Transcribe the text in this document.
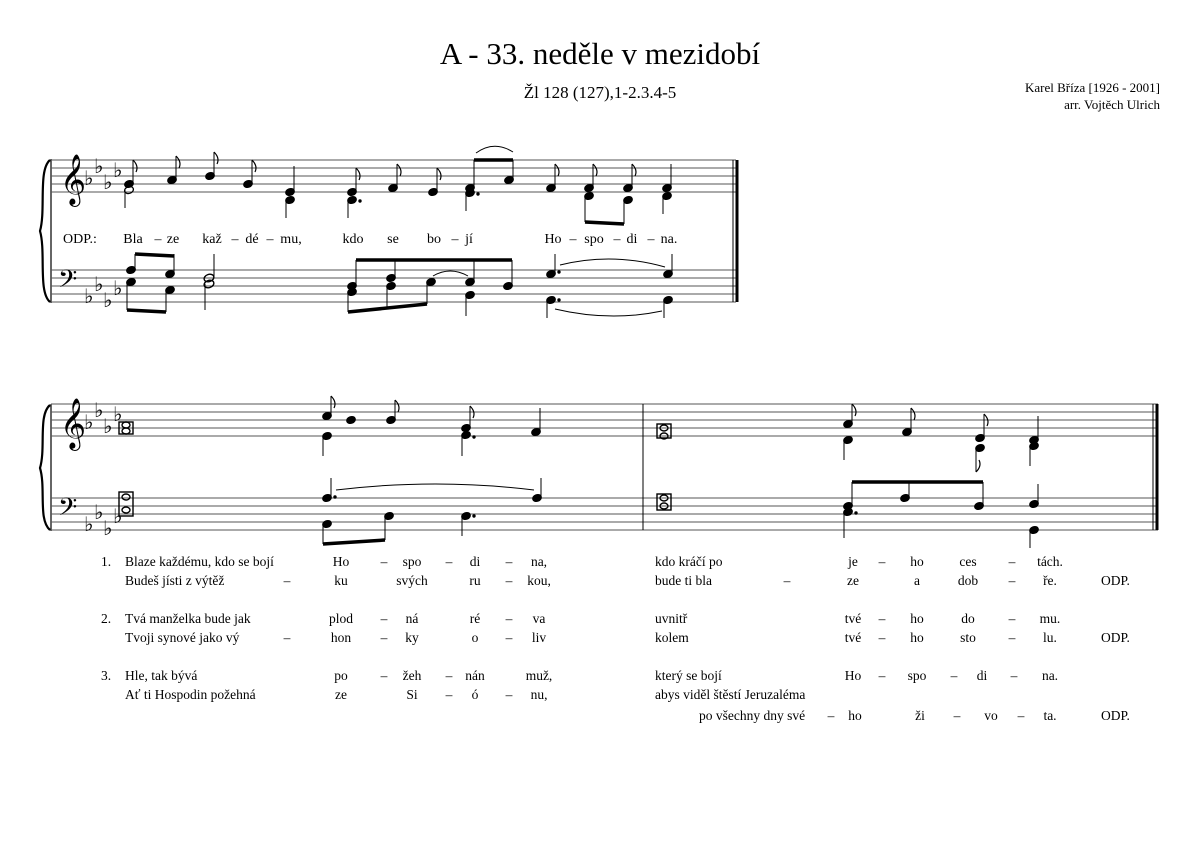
A - 33. neděle v mezidobí
Žl 128 (127),1-2.3.4-5	Karel Bříza [1926 - 2001]
arr. Vojtěch Ulrich
𝄞
𝄢
♭ ♭
♭ ♭
♭ ♭
♭ ♭
𝄞
𝄢
♭ ♭
♭ ♭
♭ ♭
♭ ♭
ODP.: Bla – ze kaž – dé – mu,	kdo se bo – jí	Ho – spo – di – na.
1. Blaze každému, kdo se bojí	Ho – spo – di – na,	kdo kráčí po	je – ho	ces – tách.
Budeš jísti z výtěž	–	ku	svých	ru – kou,	bude ti bla	–	ze	a	dob – ře.	ODP.
2. Tvá manželka bude jak	plod – ná	ré – va	uvnitř	tvé – ho	do	– mu.
Tvoji synové jako vý	–	hon – ky	o – liv	kolem	tvé – ho	sto – lu.	ODP.
3. Hle, tak bývá	po – žeh – nán	muž,	který se bojí	Ho – spo – di – na.
Ať ti Hospodin požehná	ze	Si – ó – nu,	abys viděl štěstí Jeruzaléma
po všechny dny své – ho	ži – vo – ta.	ODP.
